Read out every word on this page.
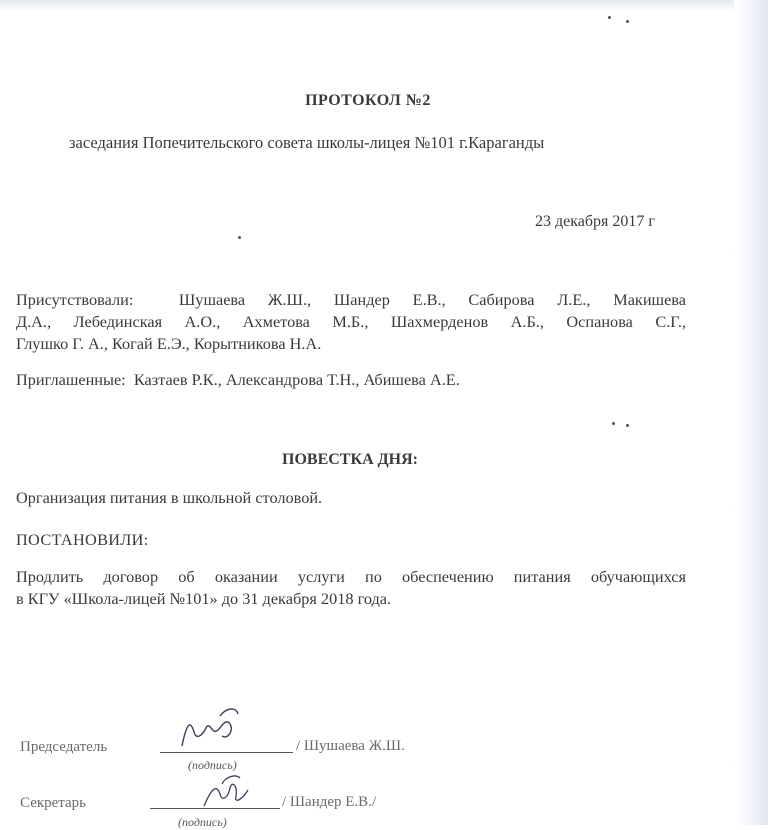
ПРОТОКОЛ №2
заседания Попечительского совета школы-лицея №101 г.Караганды
23 декабря 2017 г
Присутствовали:	Шушаева Ж.Ш., Шандер Е.В., Сабирова Л.Е., Макишева
Д.А., Лебединская А.О., Ахметова М.Б., Шахмерденов А.Б., Оспанова С.Г.,
Глушко Г. А., Когай Е.Э., Корытникова Н.А.
Приглашенные: Казтаев Р.К., Александрова Т.Н., Абишева А.Е.
ПОВЕСТКА ДНЯ:
Организация питания в школьной столовой.
ПОСТАНОВИЛИ:
Продлить договор об оказании услуги по обеспечению питания обучающихся
в КГУ «Школа-лицей №101» до 31 декабря 2018 года.
Председатель	/ Шушаева Ж.Ш.
(подпись)
Секретарь	/ Шандер Е.В./
(подпись)
